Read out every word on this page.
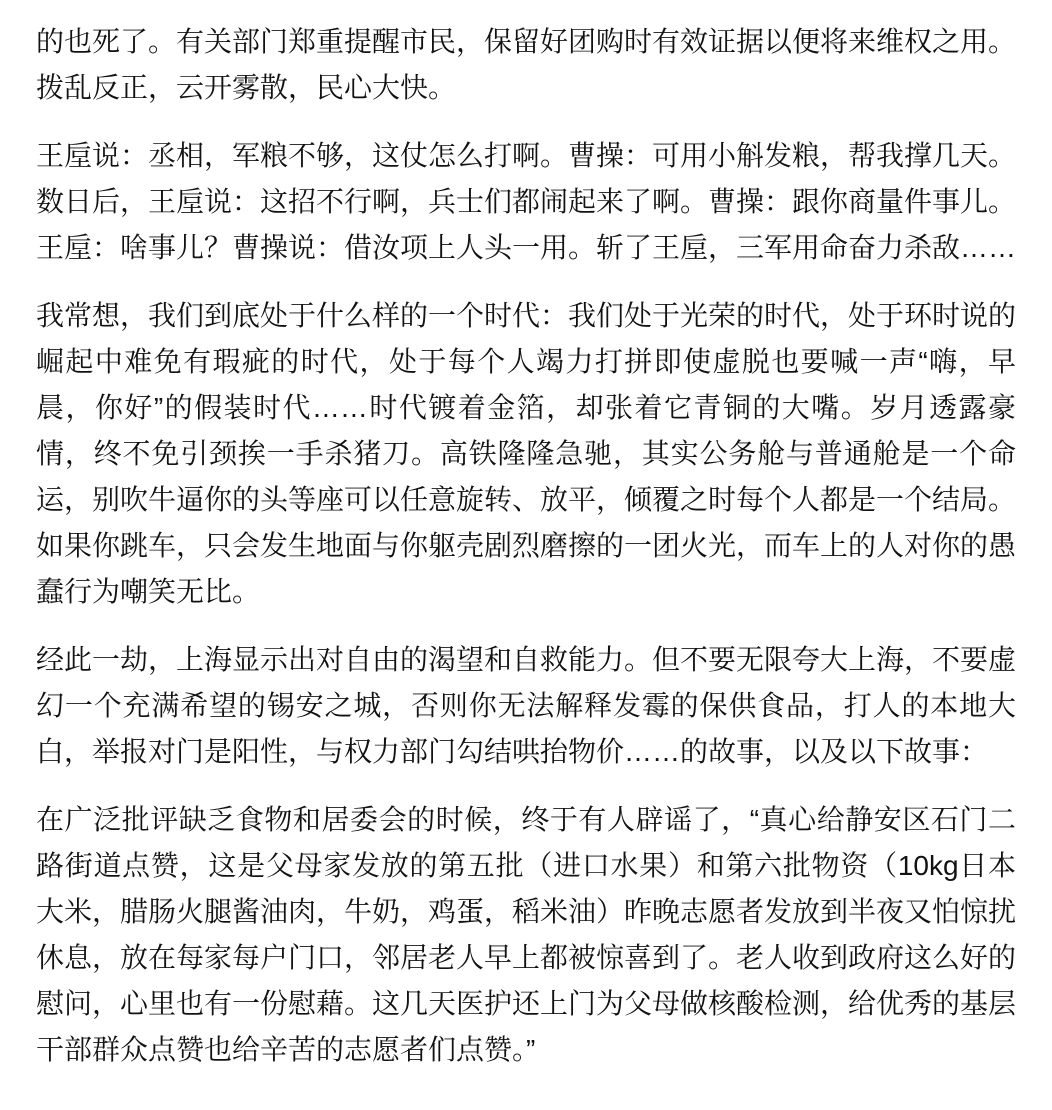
的也死了。有关部门郑重提醒市民，保留好团购时有效证据以便将来维权之用。拨乱反正，云开雾散，民心大快。

王垕说：丞相，军粮不够，这仗怎么打啊。曹操：可用小斛发粮，帮我撑几天。数日后，王垕说：这招不行啊，兵士们都闹起来了啊。曹操：跟你商量件事儿。王垕：啥事儿？曹操说：借汝项上人头一用。斩了王垕，三军用命奋力杀敌……

我常想，我们到底处于什么样的一个时代：我们处于光荣的时代，处于环时说的崛起中难免有瑕疵的时代，处于每个人竭力打拼即使虚脱也要喊一声“嗨，早晨，你好”的假装时代……时代镀着金箔，却张着它青铜的大嘴。岁月透露豪情，终不免引颈挨一手杀猪刀。高铁隆隆急驰，其实公务舱与普通舱是一个命运，别吹牛逼你的头等座可以任意旋转、放平，倾覆之时每个人都是一个结局。如果你跳车，只会发生地面与你躯壳剧烈磨擦的一团火光，而车上的人对你的愚蠢行为嘲笑无比。

经此一劫，上海显示出对自由的渴望和自救能力。但不要无限夸大上海，不要虚幻一个充满希望的锡安之城，否则你无法解释发霉的保供食品，打人的本地大白，举报对门是阳性，与权力部门勾结哄抬物价……的故事，以及以下故事：

在广泛批评缺乏食物和居委会的时候，终于有人辟谣了，“真心给静安区石门二路街道点赞，这是父母家发放的第五批（进口水果）和第六批物资（10kg日本大米，腊肠火腿酱油肉，牛奶，鸡蛋，稻米油）昨晚志愿者发放到半夜又怕惊扰休息，放在每家每户门口，邻居老人早上都被惊喜到了。老人收到政府这么好的慰问，心里也有一份慰藉。这几天医护还上门为父母做核酸检测，给优秀的基层干部群众点赞也给辛苦的志愿者们点赞。”
